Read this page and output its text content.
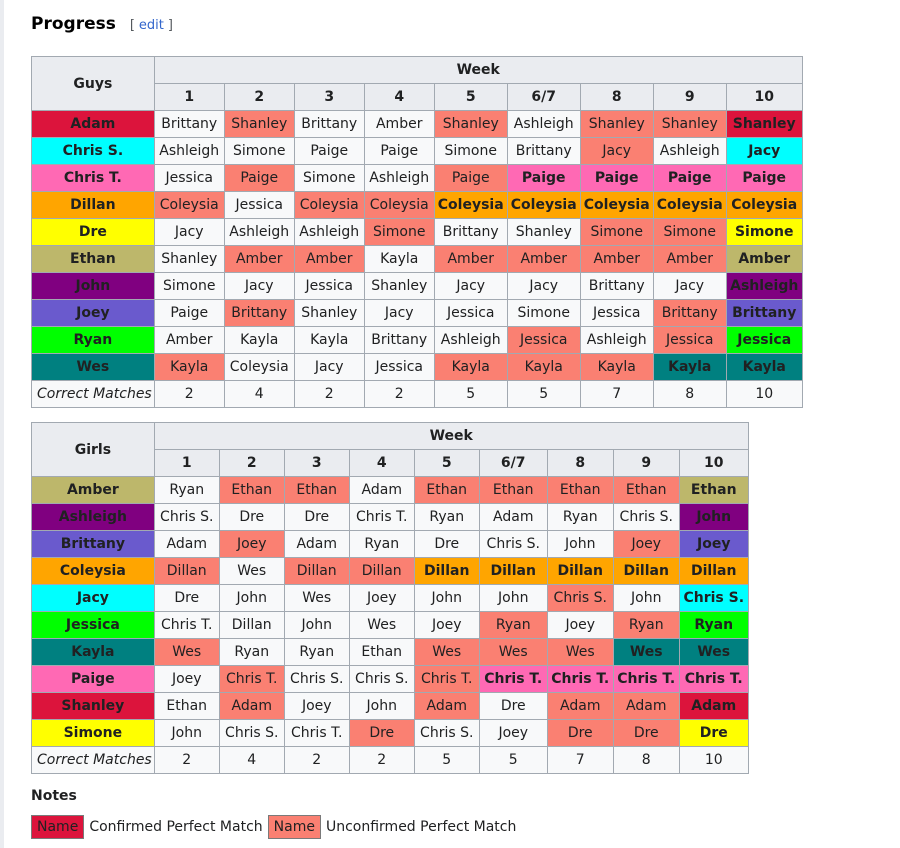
Progress [ edit ]
Guys	Week								
	1	2	3	4	5	6/7	8	9	10
Adam	Brittany	Shanley	Brittany	Amber	Shanley	Ashleigh	Shanley	Shanley	Shanley
Chris S.	Ashleigh	Simone	Paige	Paige	Simone	Brittany	Jacy	Ashleigh	Jacy
Chris T.	Jessica	Paige	Simone	Ashleigh	Paige	Paige	Paige	Paige	Paige
Dillan	Coleysia	Jessica	Coleysia	Coleysia	Coleysia	Coleysia	Coleysia	Coleysia	Coleysia
Dre	Jacy	Ashleigh	Ashleigh	Simone	Brittany	Shanley	Simone	Simone	Simone
Ethan	Shanley	Amber	Amber	Kayla	Amber	Amber	Amber	Amber	Amber
John	Simone	Jacy	Jessica	Shanley	Jacy	Jacy	Brittany	Jacy	Ashleigh
Joey	Paige	Brittany	Shanley	Jacy	Jessica	Simone	Jessica	Brittany	Brittany
Ryan	Amber	Kayla	Kayla	Brittany	Ashleigh	Jessica	Ashleigh	Jessica	Jessica
Wes	Kayla	Coleysia	Jacy	Jessica	Kayla	Kayla	Kayla	Kayla	Kayla
Correct Matches	2	4	2	2	5	5	7	8	10
Girls	Week								
	1	2	3	4	5	6/7	8	9	10
Amber	Ryan	Ethan	Ethan	Adam	Ethan	Ethan	Ethan	Ethan	Ethan
Ashleigh	Chris S.	Dre	Dre	Chris T.	Ryan	Adam	Ryan	Chris S.	John
Brittany	Adam	Joey	Adam	Ryan	Dre	Chris S.	John	Joey	Joey
Coleysia	Dillan	Wes	Dillan	Dillan	Dillan	Dillan	Dillan	Dillan	Dillan
Jacy	Dre	John	Wes	Joey	John	John	Chris S.	John	Chris S.
Jessica	Chris T.	Dillan	John	Wes	Joey	Ryan	Joey	Ryan	Ryan
Kayla	Wes	Ryan	Ryan	Ethan	Wes	Wes	Wes	Wes	Wes
Paige	Joey	Chris T.	Chris S.	Chris S.	Chris T.	Chris T.	Chris T.	Chris T.	Chris T.
Shanley	Ethan	Adam	Joey	John	Adam	Dre	Adam	Adam	Adam
Simone	John	Chris S.	Chris T.	Dre	Chris S.	Joey	Dre	Dre	Dre
Correct Matches	2	4	2	2	5	5	7	8	10
Notes
Name Confirmed Perfect Match Name Unconfirmed Perfect Match
